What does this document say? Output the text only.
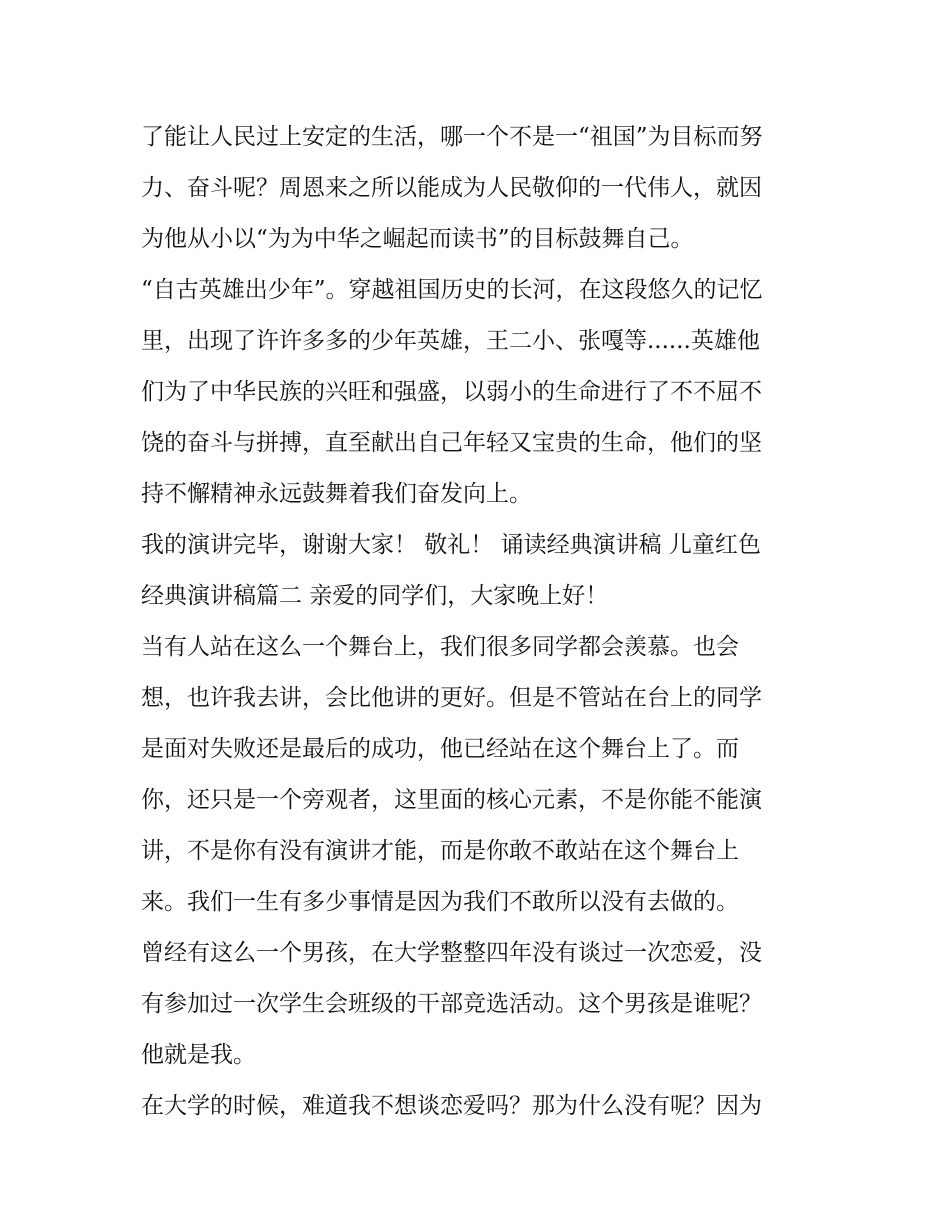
了能让人民过上安定的生活，哪一个不是一“祖国”为目标而努
力、奋斗呢？周恩来之所以能成为人民敬仰的一代伟人，就因
为他从小以“为为中华之崛起而读书”的目标鼓舞自己。
“自古英雄出少年”。穿越祖国历史的长河，在这段悠久的记忆
里，出现了许许多多的少年英雄，王二小、张嘎等......英雄他
们为了中华民族的兴旺和强盛，以弱小的生命进行了不不屈不
饶的奋斗与拼搏，直至献出自己年轻又宝贵的生命，他们的坚
持不懈精神永远鼓舞着我们奋发向上。
我的演讲完毕，谢谢大家！ 敬礼！ 诵读经典演讲稿 儿童红色
经典演讲稿篇二 亲爱的同学们，大家晚上好！
当有人站在这么一个舞台上，我们很多同学都会羡慕。也会
想，也许我去讲，会比他讲的更好。但是不管站在台上的同学
是面对失败还是最后的成功，他已经站在这个舞台上了。而
你，还只是一个旁观者，这里面的核心元素，不是你能不能演
讲，不是你有没有演讲才能，而是你敢不敢站在这个舞台上
来。我们一生有多少事情是因为我们不敢所以没有去做的。
曾经有这么一个男孩，在大学整整四年没有谈过一次恋爱，没
有参加过一次学生会班级的干部竞选活动。这个男孩是谁呢？
他就是我。
在大学的时候，难道我不想谈恋爱吗？那为什么没有呢？因为
